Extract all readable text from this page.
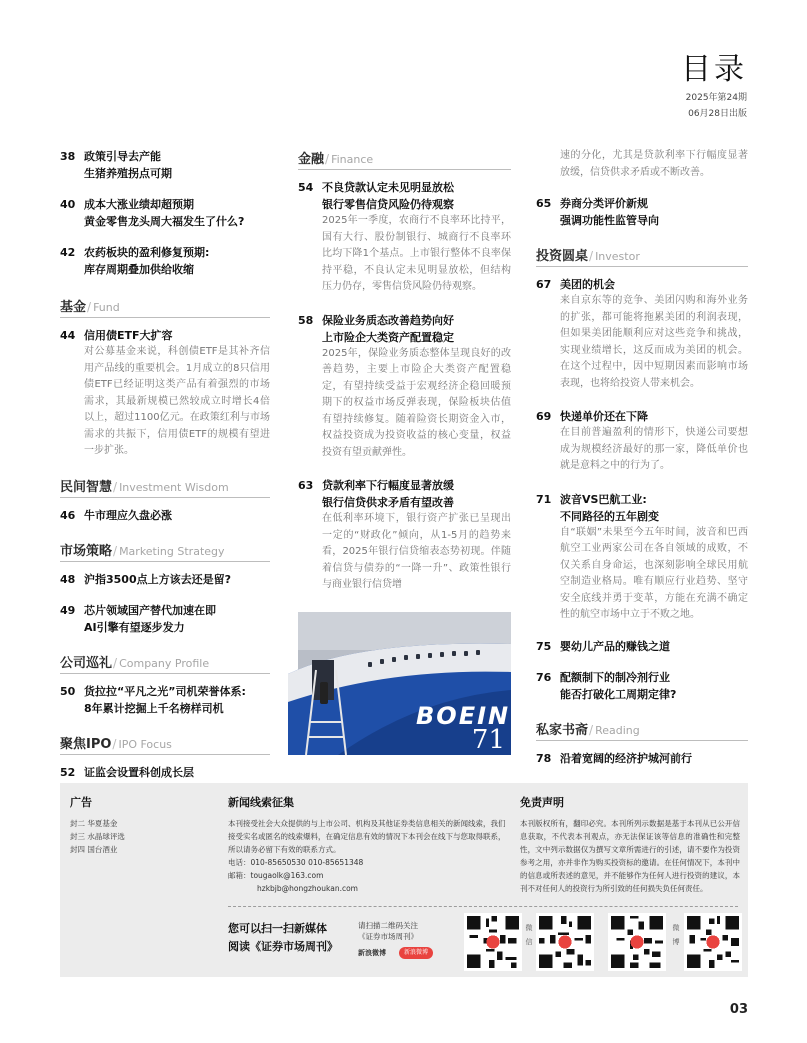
目录
2025年第24期
06月28日出版
38 政策引导去产能
生猪养殖拐点可期
40 成本大涨业绩却超预期
黄金零售龙头周大福发生了什么?
42 农药板块的盈利修复预期:
库存周期叠加供给收缩
基金/ Fund
44 信用债ETF大扩容
对公募基金来说，科创债ETF是其补齐信用产品线的重要机会。1月成立的8只信用债ETF已经证明这类产品有着强烈的市场需求，其最新规模已然较成立时增长4倍以上，超过1100亿元。在政策红利与市场需求的共振下，信用债ETF的规模有望进一步扩张。
民间智慧/ Investment Wisdom
46 牛市理应久盘必涨
市场策略/ Marketing Strategy
48 沪指3500点上方该去还是留?
49 芯片领域国产替代加速在即
AI引擎有望逐步发力
公司巡礼/ Company Profile
50 货拉拉“平凡之光”司机荣誉体系:
8年累计挖掘上千名榜样司机
聚焦IPO/ IPO Focus
52 证监会设置科创成长层

金融/ Finance
54 不良贷款认定未见明显放松
银行零售信贷风险仍待观察
2025年一季度，农商行不良率环比持平，国有大行、股份制银行、城商行不良率环比均下降1个基点。上市银行整体不良率保持平稳，不良认定未见明显放松，但结构压力仍存，零售信贷风险仍待观察。
58 保险业务质态改善趋势向好
上市险企大类资产配置稳定
2025年，保险业务质态整体呈现良好的改善趋势，主要上市险企大类资产配置稳定，有望持续受益于宏观经济企稳回暖预期下的权益市场反弹表现，保险板块估值有望持续修复。随着险资长期资金入市，权益投资成为投资收益的核心变量，权益投资有望贡献弹性。
63 贷款利率下行幅度显著放缓
银行信贷供求矛盾有望改善
在低利率环境下，银行资产扩张已呈现出一定的“财政化”倾向，从1-5月的趋势来看，2025年银行信贷缩表态势初现。伴随着信贷与债券的“一降一升”、政策性银行与商业银行信贷增
BOEING
71
速的分化，尤其是贷款利率下行幅度显著放缓，信贷供求矛盾或不断改善。
65 券商分类评价新规
强调功能性监管导向
投资圆桌/ Investor
67 美团的机会
来自京东等的竞争、美团闪购和海外业务的扩张，都可能将拖累美团的利润表现，但如果美团能顺利应对这些竞争和挑战，实现业绩增长，这反而成为美团的机会。在这个过程中，因中短期因素而影响市场表现，也将给投资人带来机会。
69 快递单价还在下降
在目前普遍盈利的情形下，快递公司要想成为规模经济最好的那一家，降低单价也就是意料之中的行为了。
71 波音VS巴航工业:
不同路径的五年剧变
自“联姻”未果至今五年时间，波音和巴西航空工业两家公司在各自领域的成败，不仅关系自身命运，也深刻影响全球民用航空制造业格局。唯有顺应行业趋势、坚守安全底线并勇于变革，方能在充满不确定性的航空市场中立于不败之地。
75 婴幼儿产品的赚钱之道
76 配额制下的制冷剂行业
能否打破化工周期定律?
私家书斋/ Reading
78 沿着宽阔的经济护城河前行
广告
封二 华夏基金
封三 水晶球评选
封四 国台酒业
新闻线索征集
本刊接受社会大众提供的与上市公司、机构及其他证券类信息相关的新闻线索，我们接受实名或匿名的线索爆料，在确定信息有效的情况下本刊会在线下与您取得联系，所以请务必留下有效的联系方式。
电话：010-85650530 010-85651348
邮箱：tougaolk@163.com
hzkbjb@hongzhoukan.com
免责声明
本刊版权所有，翻印必究。本刊所列示数据是基于本刊从已公开信息获取，不代表本刊观点，亦无法保证该等信息的准确性和完整性，文中列示数据仅为撰写文章所需进行的引述，请不要作为投资参考之用，亦并非作为购买投资标的邀请。在任何情况下，本刊中的信息或所表述的意见，并不能够作为任何人进行投资的建议，本刊不对任何人的投资行为所引致的任何损失负任何责任。
您可以扫一扫新媒体
阅读《证券市场周刊》
请扫描二维码关注
《证券市场周刊》
新浪微博	新浪微博
微信
微博
03
